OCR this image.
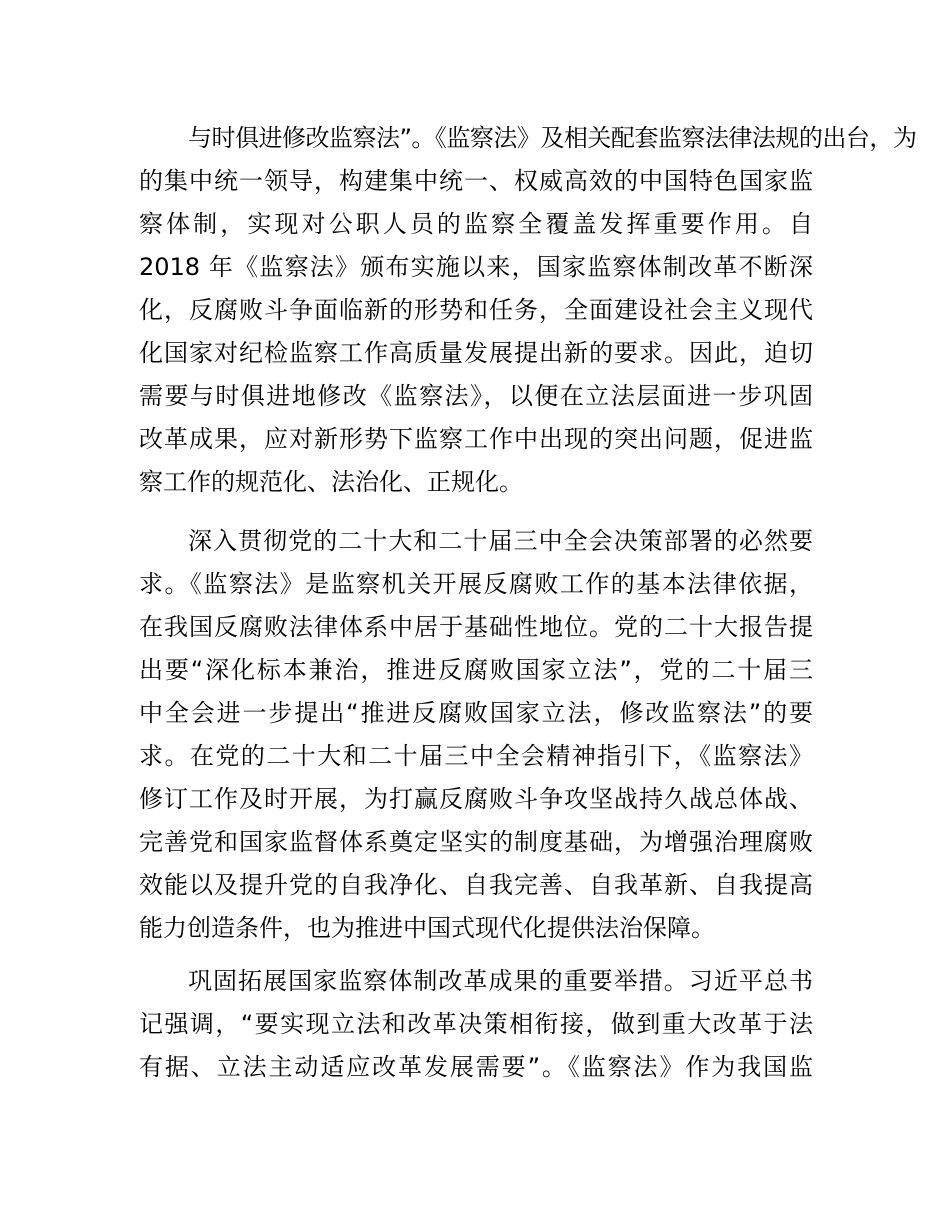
与时俱进修改监察法”。《监察法》及相关配套监察法律法规的出台，为
的集中统一领导，构建集中统一、权威高效的中国特色国家监
察体制，实现对公职人员的监察全覆盖发挥重要作用。自
2018 年《监察法》颁布实施以来，国家监察体制改革不断深
化，反腐败斗争面临新的形势和任务，全面建设社会主义现代
化国家对纪检监察工作高质量发展提出新的要求。因此，迫切
需要与时俱进地修改《监察法》，以便在立法层面进一步巩固
改革成果，应对新形势下监察工作中出现的突出问题，促进监
察工作的规范化、法治化、正规化。
深入贯彻党的二十大和二十届三中全会决策部署的必然要
求。《监察法》是监察机关开展反腐败工作的基本法律依据，
在我国反腐败法律体系中居于基础性地位。党的二十大报告提
出要“深化标本兼治，推进反腐败国家立法”，党的二十届三
中全会进一步提出“推进反腐败国家立法，修改监察法”的要
求。在党的二十大和二十届三中全会精神指引下，《监察法》
修订工作及时开展，为打赢反腐败斗争攻坚战持久战总体战、
完善党和国家监督体系奠定坚实的制度基础，为增强治理腐败
效能以及提升党的自我净化、自我完善、自我革新、自我提高
能力创造条件，也为推进中国式现代化提供法治保障。
巩固拓展国家监察体制改革成果的重要举措。习近平总书
记强调，“要实现立法和改革决策相衔接，做到重大改革于法
有据、立法主动适应改革发展需要”。《监察法》作为我国监
